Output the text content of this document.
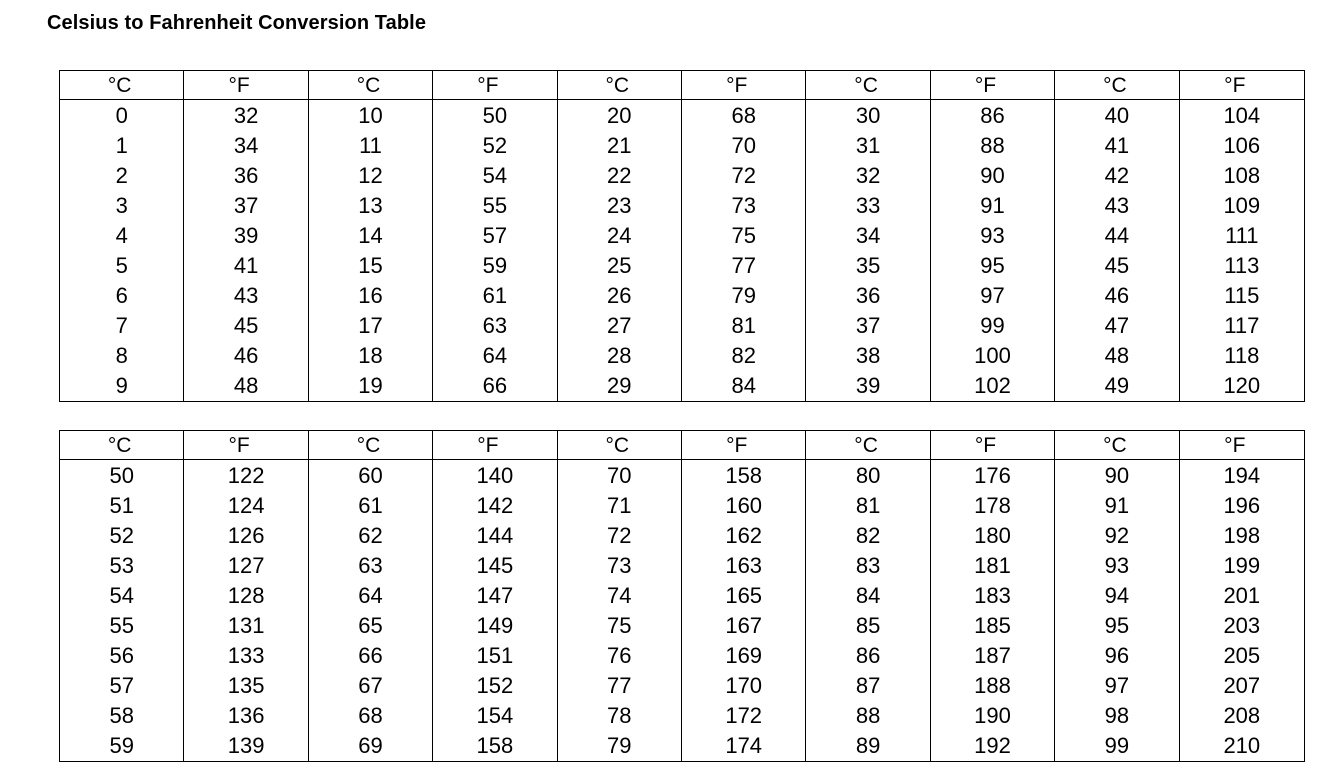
Celsius to Fahrenheit Conversion Table
°C
0
1
2
3
4
5
6
7
8
9
°F
32
34
36
37
39
41
43
45
46
48
°C
10
11
12
13
14
15
16
17
18
19
°F
50
52
54
55
57
59
61
63
64
66
°C
20
21
22
23
24
25
26
27
28
29
°F
68
70
72
73
75
77
79
81
82
84
°C
30
31
32
33
34
35
36
37
38
39
°F
86
88
90
91
93
95
97
99
100
102
°C
40
41
42
43
44
45
46
47
48
49
°F
104
106
108
109
111
113
115
117
118
120
°C
50
51
52
53
54
55
56
57
58
59
°F
122
124
126
127
128
131
133
135
136
139
°C
60
61
62
63
64
65
66
67
68
69
°F
140
142
144
145
147
149
151
152
154
158
°C
70
71
72
73
74
75
76
77
78
79
°F
158
160
162
163
165
167
169
170
172
174
°C
80
81
82
83
84
85
86
87
88
89
°F
176
178
180
181
183
185
187
188
190
192
°C
90
91
92
93
94
95
96
97
98
99
°F
194
196
198
199
201
203
205
207
208
210
